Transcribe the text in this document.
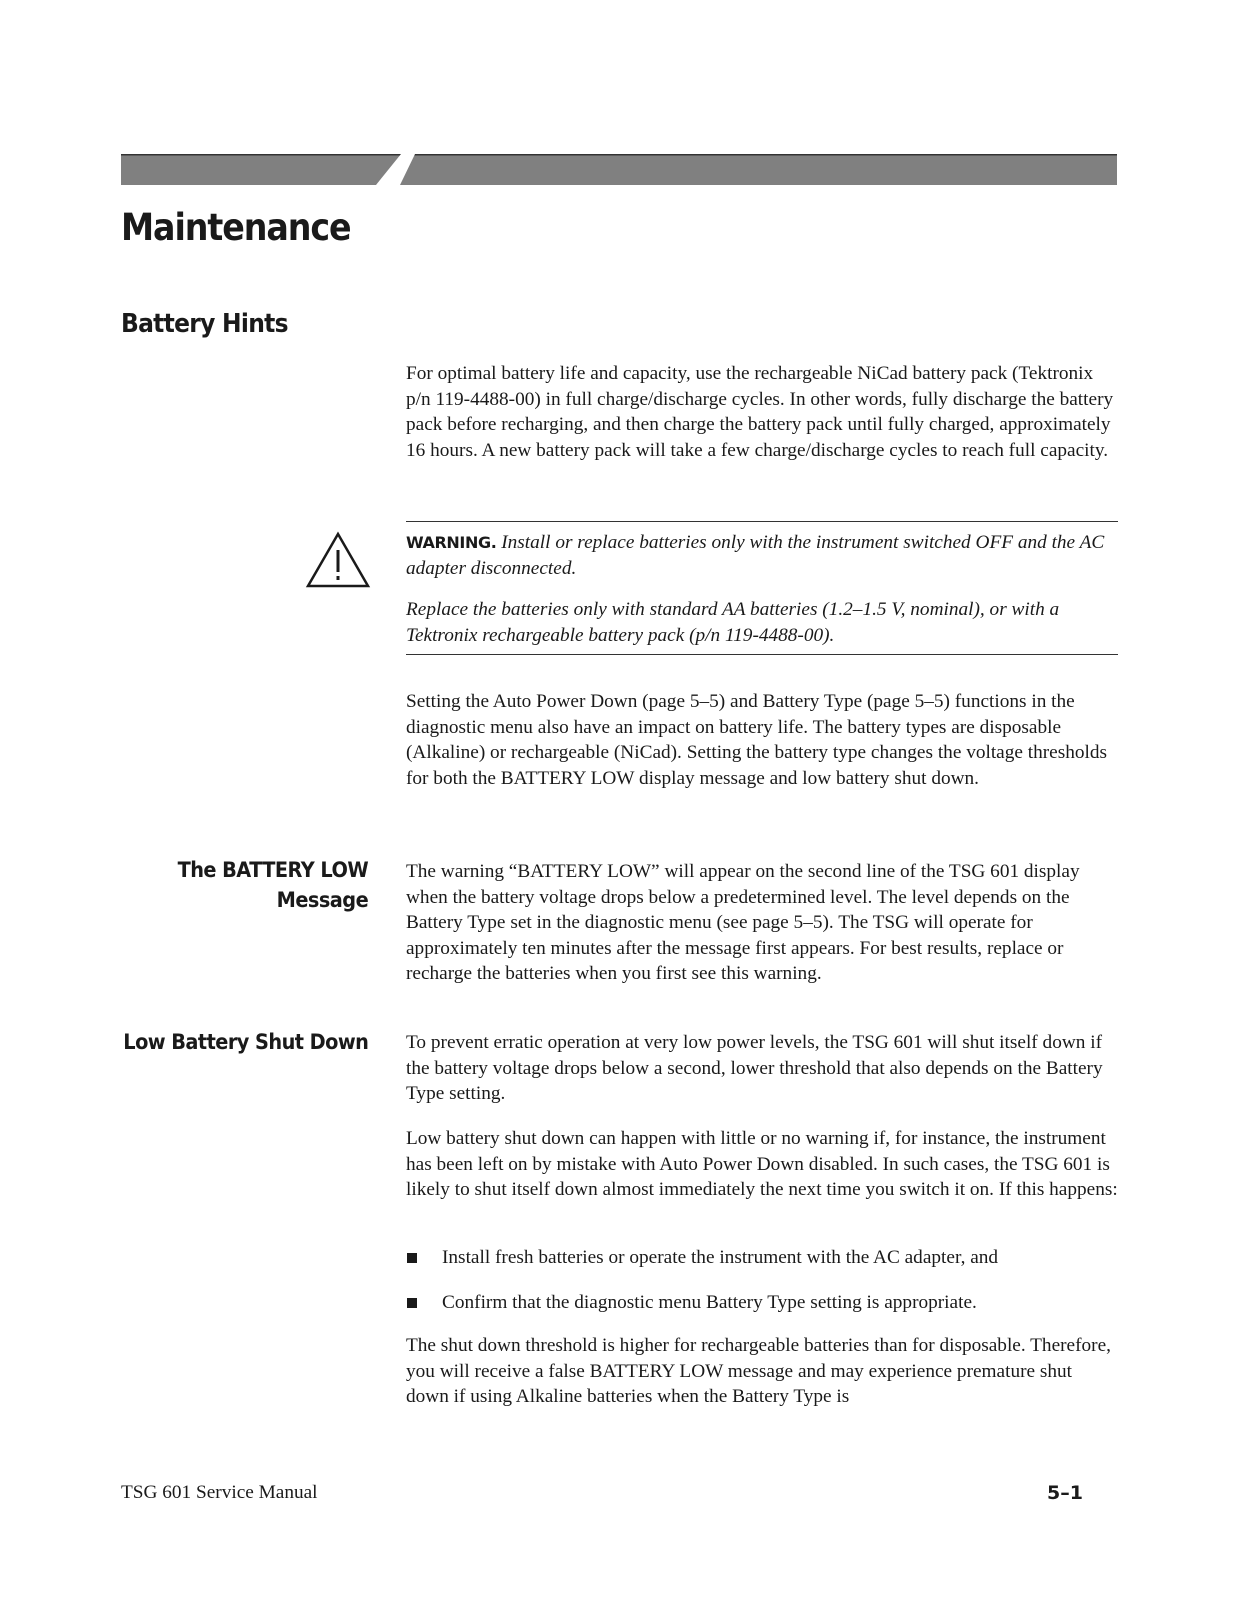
Maintenance
Battery Hints

For optimal battery life and capacity, use the rechargeable NiCad battery pack (Tektronix p/n 119-4488-00) in full charge/discharge cycles. In other words, fully discharge the battery pack before recharging, and then charge the battery pack until fully charged, approximately 16 hours. A new battery pack will take a few charge/discharge cycles to reach full capacity.

WARNING. Install or replace batteries only with the instrument switched OFF and the AC adapter disconnected.

Replace the batteries only with standard AA batteries (1.2–1.5 V, nominal), or with a Tektronix rechargeable battery pack (p/n 119-4488-00).

Setting the Auto Power Down (page 5–5) and Battery Type (page 5–5) functions in the diagnostic menu also have an impact on battery life. The battery types are disposable (Alkaline) or rechargeable (NiCad). Setting the battery type changes the voltage thresholds for both the BATTERY LOW display message and low battery shut down.

The BATTERY LOW
Message

The warning “BATTERY LOW” will appear on the second line of the TSG 601 display when the battery voltage drops below a predetermined level. The level depends on the Battery Type set in the diagnostic menu (see page 5–5). The TSG will operate for approximately ten minutes after the message first appears. For best results, replace or recharge the batteries when you first see this warning.

Low Battery Shut Down To prevent erratic operation at very low power levels, the TSG 601 will shut itself down if the battery voltage drops below a second, lower threshold that also depends on the Battery Type setting.

Low battery shut down can happen with little or no warning if, for instance, the instrument has been left on by mistake with Auto Power Down disabled. In such cases, the TSG 601 is likely to shut itself down almost immediately the next time you switch it on. If this happens:

Install fresh batteries or operate the instrument with the AC adapter, and
Confirm that the diagnostic menu Battery Type setting is appropriate.

The shut down threshold is higher for rechargeable batteries than for disposable. Therefore, you will receive a false BATTERY LOW message and may experience premature shut down if using Alkaline batteries when the Battery Type is

TSG 601 Service Manual	5–1
